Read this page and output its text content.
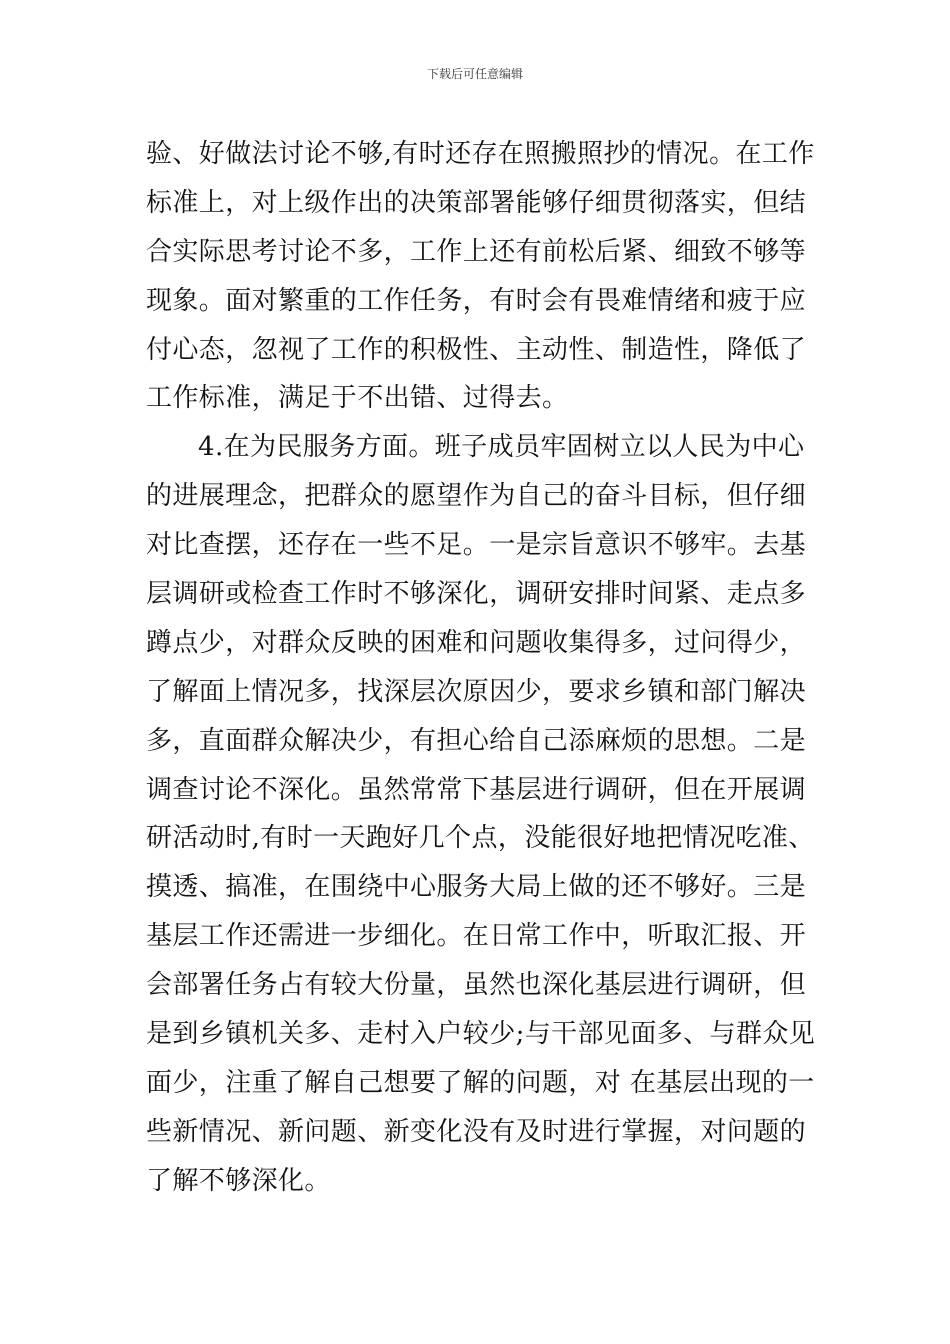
下载后可任意编辑
验、好做法讨论不够,有时还存在照搬照抄的情况。在工作
标准上，对上级作出的决策部署能够仔细贯彻落实，但结
合实际思考讨论不多，工作上还有前松后紧、细致不够等
现象。面对繁重的工作任务，有时会有畏难情绪和疲于应
付心态，忽视了工作的积极性、主动性、制造性，降低了
工作标准，满足于不出错、过得去。
4.在为民服务方面。班子成员牢固树立以人民为中心
的进展理念，把群众的愿望作为自己的奋斗目标，但仔细
对比查摆，还存在一些不足。一是宗旨意识不够牢。去基
层调研或检查工作时不够深化，调研安排时间紧、走点多
蹲点少，对群众反映的困难和问题收集得多，过问得少，
了解面上情况多，找深层次原因少，要求乡镇和部门解决
多，直面群众解决少，有担心给自己添麻烦的思想。二是
调查讨论不深化。虽然常常下基层进行调研，但在开展调
研活动时,有时一天跑好几个点，没能很好地把情况吃准、
摸透、搞准，在围绕中心服务大局上做的还不够好。三是
基层工作还需进一步细化。在日常工作中，听取汇报、开
会部署任务占有较大份量，虽然也深化基层进行调研，但
是到乡镇机关多、走村入户较少;与干部见面多、与群众见
面少，注重了解自己想要了解的问题，对 在基层出现的一
些新情况、新问题、新变化没有及时进行掌握，对问题的
了解不够深化。
